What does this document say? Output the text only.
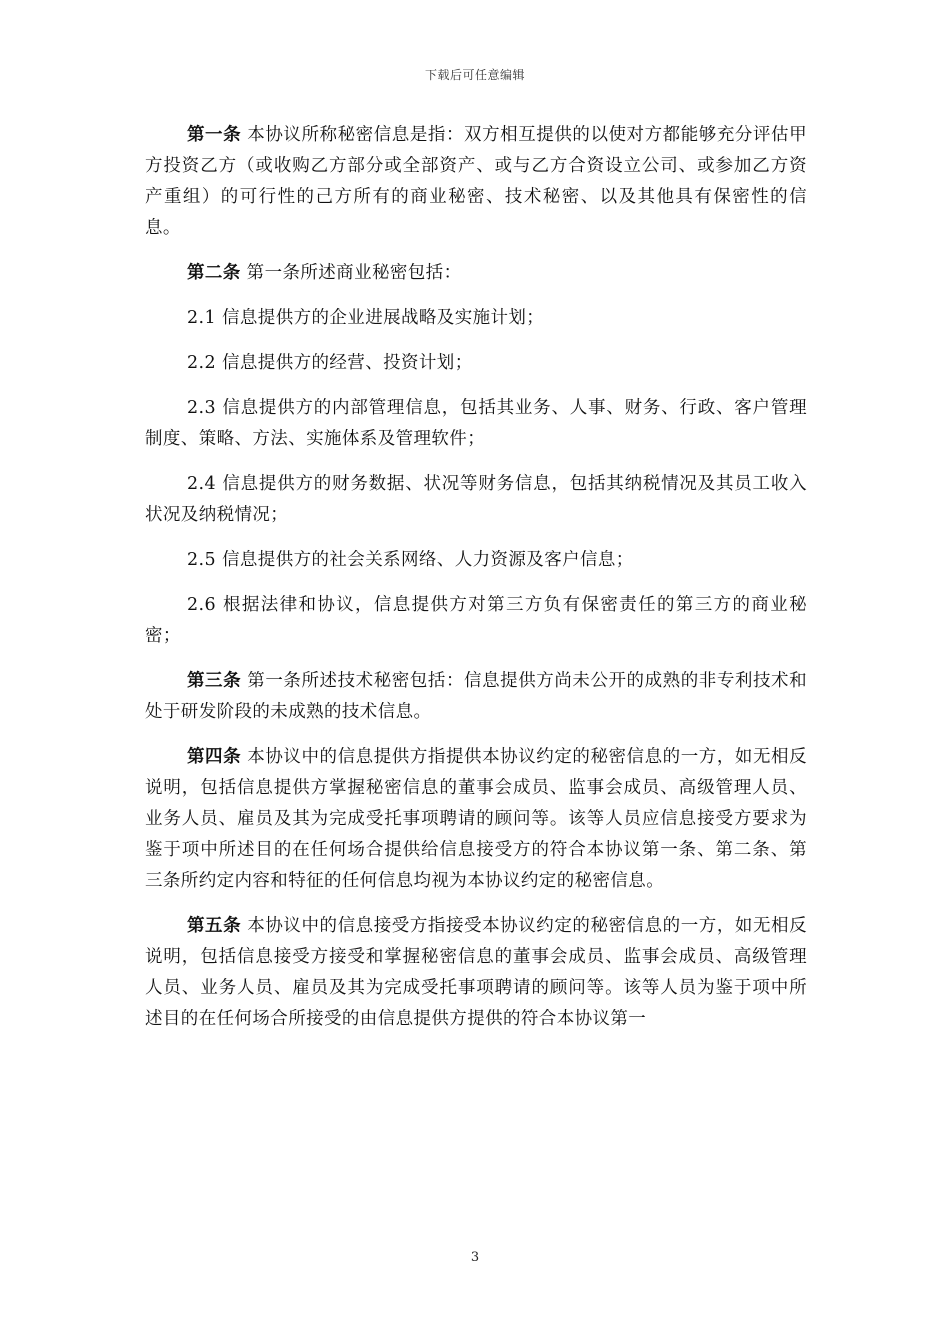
下载后可任意编辑

第一条 本协议所称秘密信息是指：双方相互提供的以使对方都能够充分评估甲方投资乙方（或收购乙方部分或全部资产、或与乙方合资设立公司、或参加乙方资产重组）的可行性的己方所有的商业秘密、技术秘密、以及其他具有保密性的信息。

第二条 第一条所述商业秘密包括：

2.1 信息提供方的企业进展战略及实施计划；

2.2 信息提供方的经营、投资计划；

2.3 信息提供方的内部管理信息，包括其业务、人事、财务、行政、客户管理制度、策略、方法、实施体系及管理软件；

2.4 信息提供方的财务数据、状况等财务信息，包括其纳税情况及其员工收入状况及纳税情况；

2.5 信息提供方的社会关系网络、人力资源及客户信息；

2.6 根据法律和协议，信息提供方对第三方负有保密责任的第三方的商业秘密；

第三条 第一条所述技术秘密包括：信息提供方尚未公开的成熟的非专利技术和处于研发阶段的未成熟的技术信息。

第四条 本协议中的信息提供方指提供本协议约定的秘密信息的一方，如无相反说明，包括信息提供方掌握秘密信息的董事会成员、监事会成员、高级管理人员、业务人员、雇员及其为完成受托事项聘请的顾问等。该等人员应信息接受方要求为鉴于项中所述目的在任何场合提供给信息接受方的符合本协议第一条、第二条、第三条所约定内容和特征的任何信息均视为本协议约定的秘密信息。

第五条 本协议中的信息接受方指接受本协议约定的秘密信息的一方，如无相反说明，包括信息接受方接受和掌握秘密信息的董事会成员、监事会成员、高级管理人员、业务人员、雇员及其为完成受托事项聘请的顾问等。该等人员为鉴于项中所述目的在任何场合所接受的由信息提供方提供的符合本协议第一

3
